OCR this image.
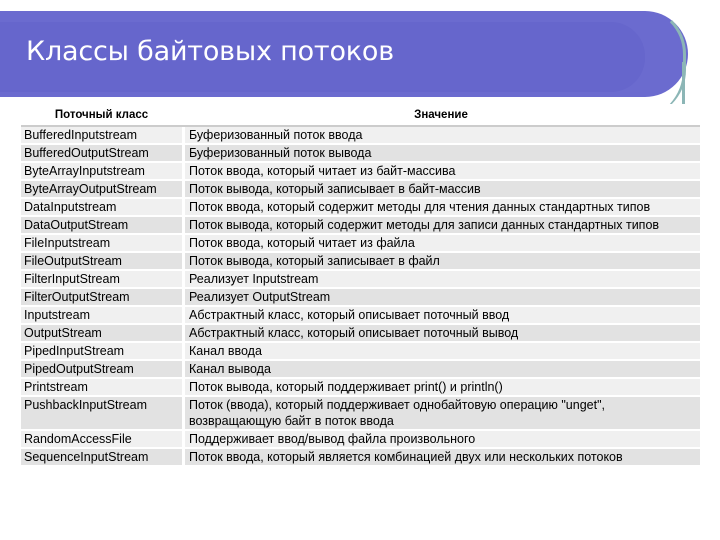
Классы байтовых потоков
Поточный класс	Значение
BufferedInputstream	Буферизованный поток ввода
BufferedOutputStream	Буферизованный поток вывода
ByteArrayInputstream	Поток ввода, который читает из байт-массива
ByteArrayOutputStream	Поток вывода, который записывает в байт-массив
DataInputstream	Поток ввода, который содержит методы для чтения данных стандартных типов
DataOutputStream	Поток вывода, который содержит методы для записи данных стандартных типов
FileInputstream	Поток ввода, который читает из файла
FileOutputStream	Поток вывода, который записывает в файл
FilterInputStream	Реализует Inputstream
FilterOutputStream	Реализует OutputStream
Inputstream	Абстрактный класс, который описывает поточный ввод
OutputStream	Абстрактный класс, который описывает поточный вывод
PipedInputStream	Канал ввода
PipedOutputStream	Канал вывода
Printstream	Поток вывода, который поддерживает print() и println()
PushbackInputStream	Поток (ввода), который поддерживает однобайтовую операцию "unget", возвращающую байт в поток ввода
RandomAccessFile	Поддерживает ввод/вывод файла произвольного
SequenceInputStream	Поток ввода, который является комбинацией двух или нескольких потоков
